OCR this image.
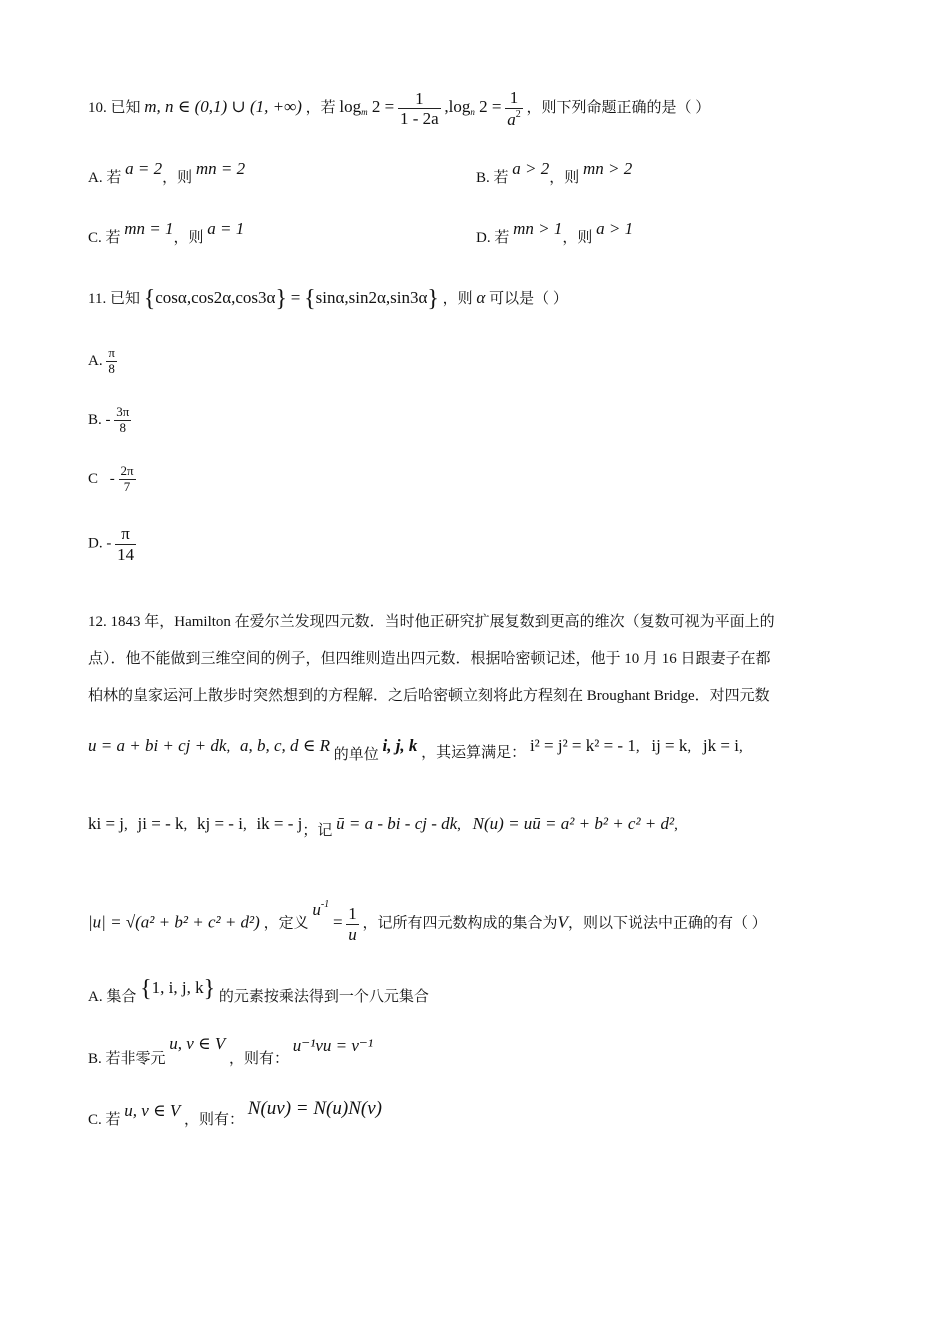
10. 已知 m, n ∈ (0,1) ∪ (1, +∞) ，若 $\log_m 2 = \frac{1}{1 - 2a} ,\log_n$ $2 = \frac{1}{a^2}$ ，则下列命题正确的是（ ）
A. 若 a = 2，则 mn = 2	B. 若 a > 2，则 mn > 2
C. 若 mn = 1，则 a = 1	D. 若 mn > 1，则 a > 1
11. 已知 {cosα,cos2α,cos3α} = {sinα,sin2α,sin3α} ，则 α 可以是（ ）
A. $\frac{\pi}{8}$
B. - $\frac{3\pi}{8}$
C - $\frac{2\pi}{7}$
D. - $\frac{\pi}{14}$
12. 1843 年，Hamilton 在爱尔兰发现四元数．当时他正研究扩展复数到更高的维次（复数可视为平面上的
点）．他不能做到三维空间的例子，但四维则造出四元数．根据哈密顿记述，他于 10 月 16 日跟妻子在都
柏林的皇家运河上散步时突然想到的方程解．之后哈密顿立刻将此方程刻在 Broughant Bridge．对四元数
u = a + bi + cj + dk, a, b, c, d ∈ R 的单位 i, j, k ，其运算满足： i² = j² = k² = - 1, ij = k, jk = i,
ki = j, ji = - k, kj = - i, ik = - j；记 ū = a - bi - cj - dk, N(u) = uū = a² + b² + c² + d²,
|u| = √(a² + b² + c² + d²) ，定义 $u^{-1} = \frac{1}{u}$ ，记所有四元数构成的集合为V，则以下说法中正确的有（ ）
A. 集合 {1, i, j, k} 的元素按乘法得到一个八元集合
B. 若非零元 u, v ∈ V ，则有： u⁻¹vu = v⁻¹
C. 若 u, v ∈ V ，则有： N(uv) = N(u)N(v)
